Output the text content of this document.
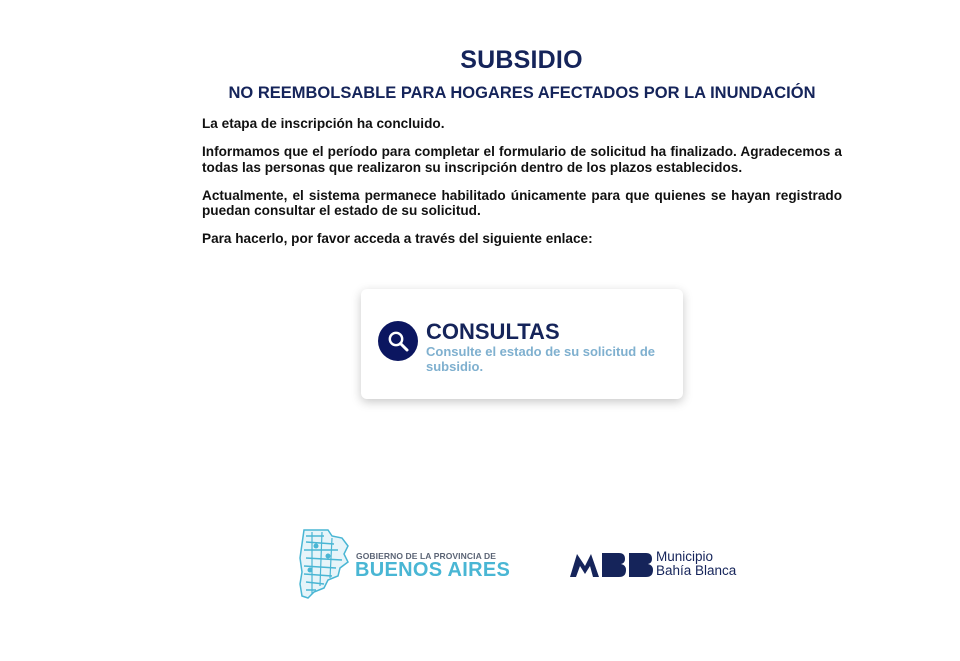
SUBSIDIO
NO REEMBOLSABLE PARA HOGARES AFECTADOS POR LA INUNDACIÓN

La etapa de inscripción ha concluido.

Informamos que el período para completar el formulario de solicitud ha finalizado. Agradecemos a todas las personas que realizaron su inscripción dentro de los plazos establecidos.

Actualmente, el sistema permanece habilitado únicamente para que quienes se hayan registrado puedan consultar el estado de su solicitud.

Para hacerlo, por favor acceda a través del siguiente enlace:

CONSULTAS
Consulte el estado de su solicitud de subsidio.
GOBIERNO DE LA PROVINCIA DE
BUENOS AIRES
Municipio
Bahía Blanca
